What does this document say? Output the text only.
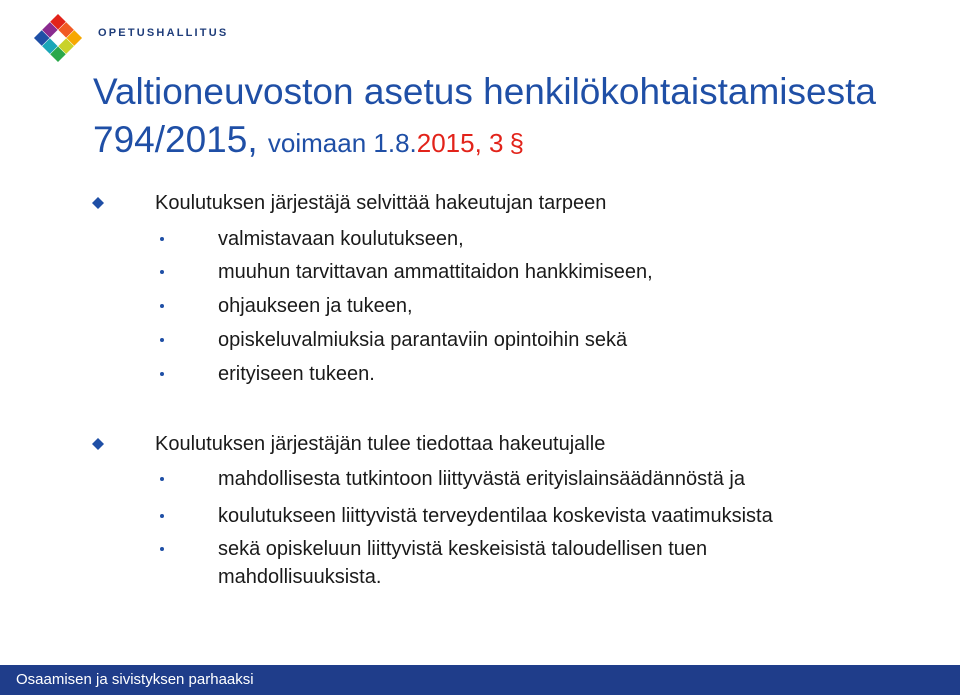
OPETUSHALLITUS
Valtioneuvoston asetus henkilökohtaistamisesta
794/2015, voimaan 1.8.2015, 3 §
Koulutuksen järjestäjä selvittää hakeutujan tarpeen
valmistavaan koulutukseen,
muuhun tarvittavan ammattitaidon hankkimiseen,
ohjaukseen ja tukeen,
opiskeluvalmiuksia parantaviin opintoihin sekä
erityiseen tukeen.
Koulutuksen järjestäjän tulee tiedottaa hakeutujalle
mahdollisesta tutkintoon liittyvästä erityislainsäädännöstä ja
koulutukseen liittyvistä terveydentilaa koskevista vaatimuksista
sekä opiskeluun liittyvistä keskeisistä taloudellisen tuen
mahdollisuuksista.
Osaamisen ja sivistyksen parhaaksi
